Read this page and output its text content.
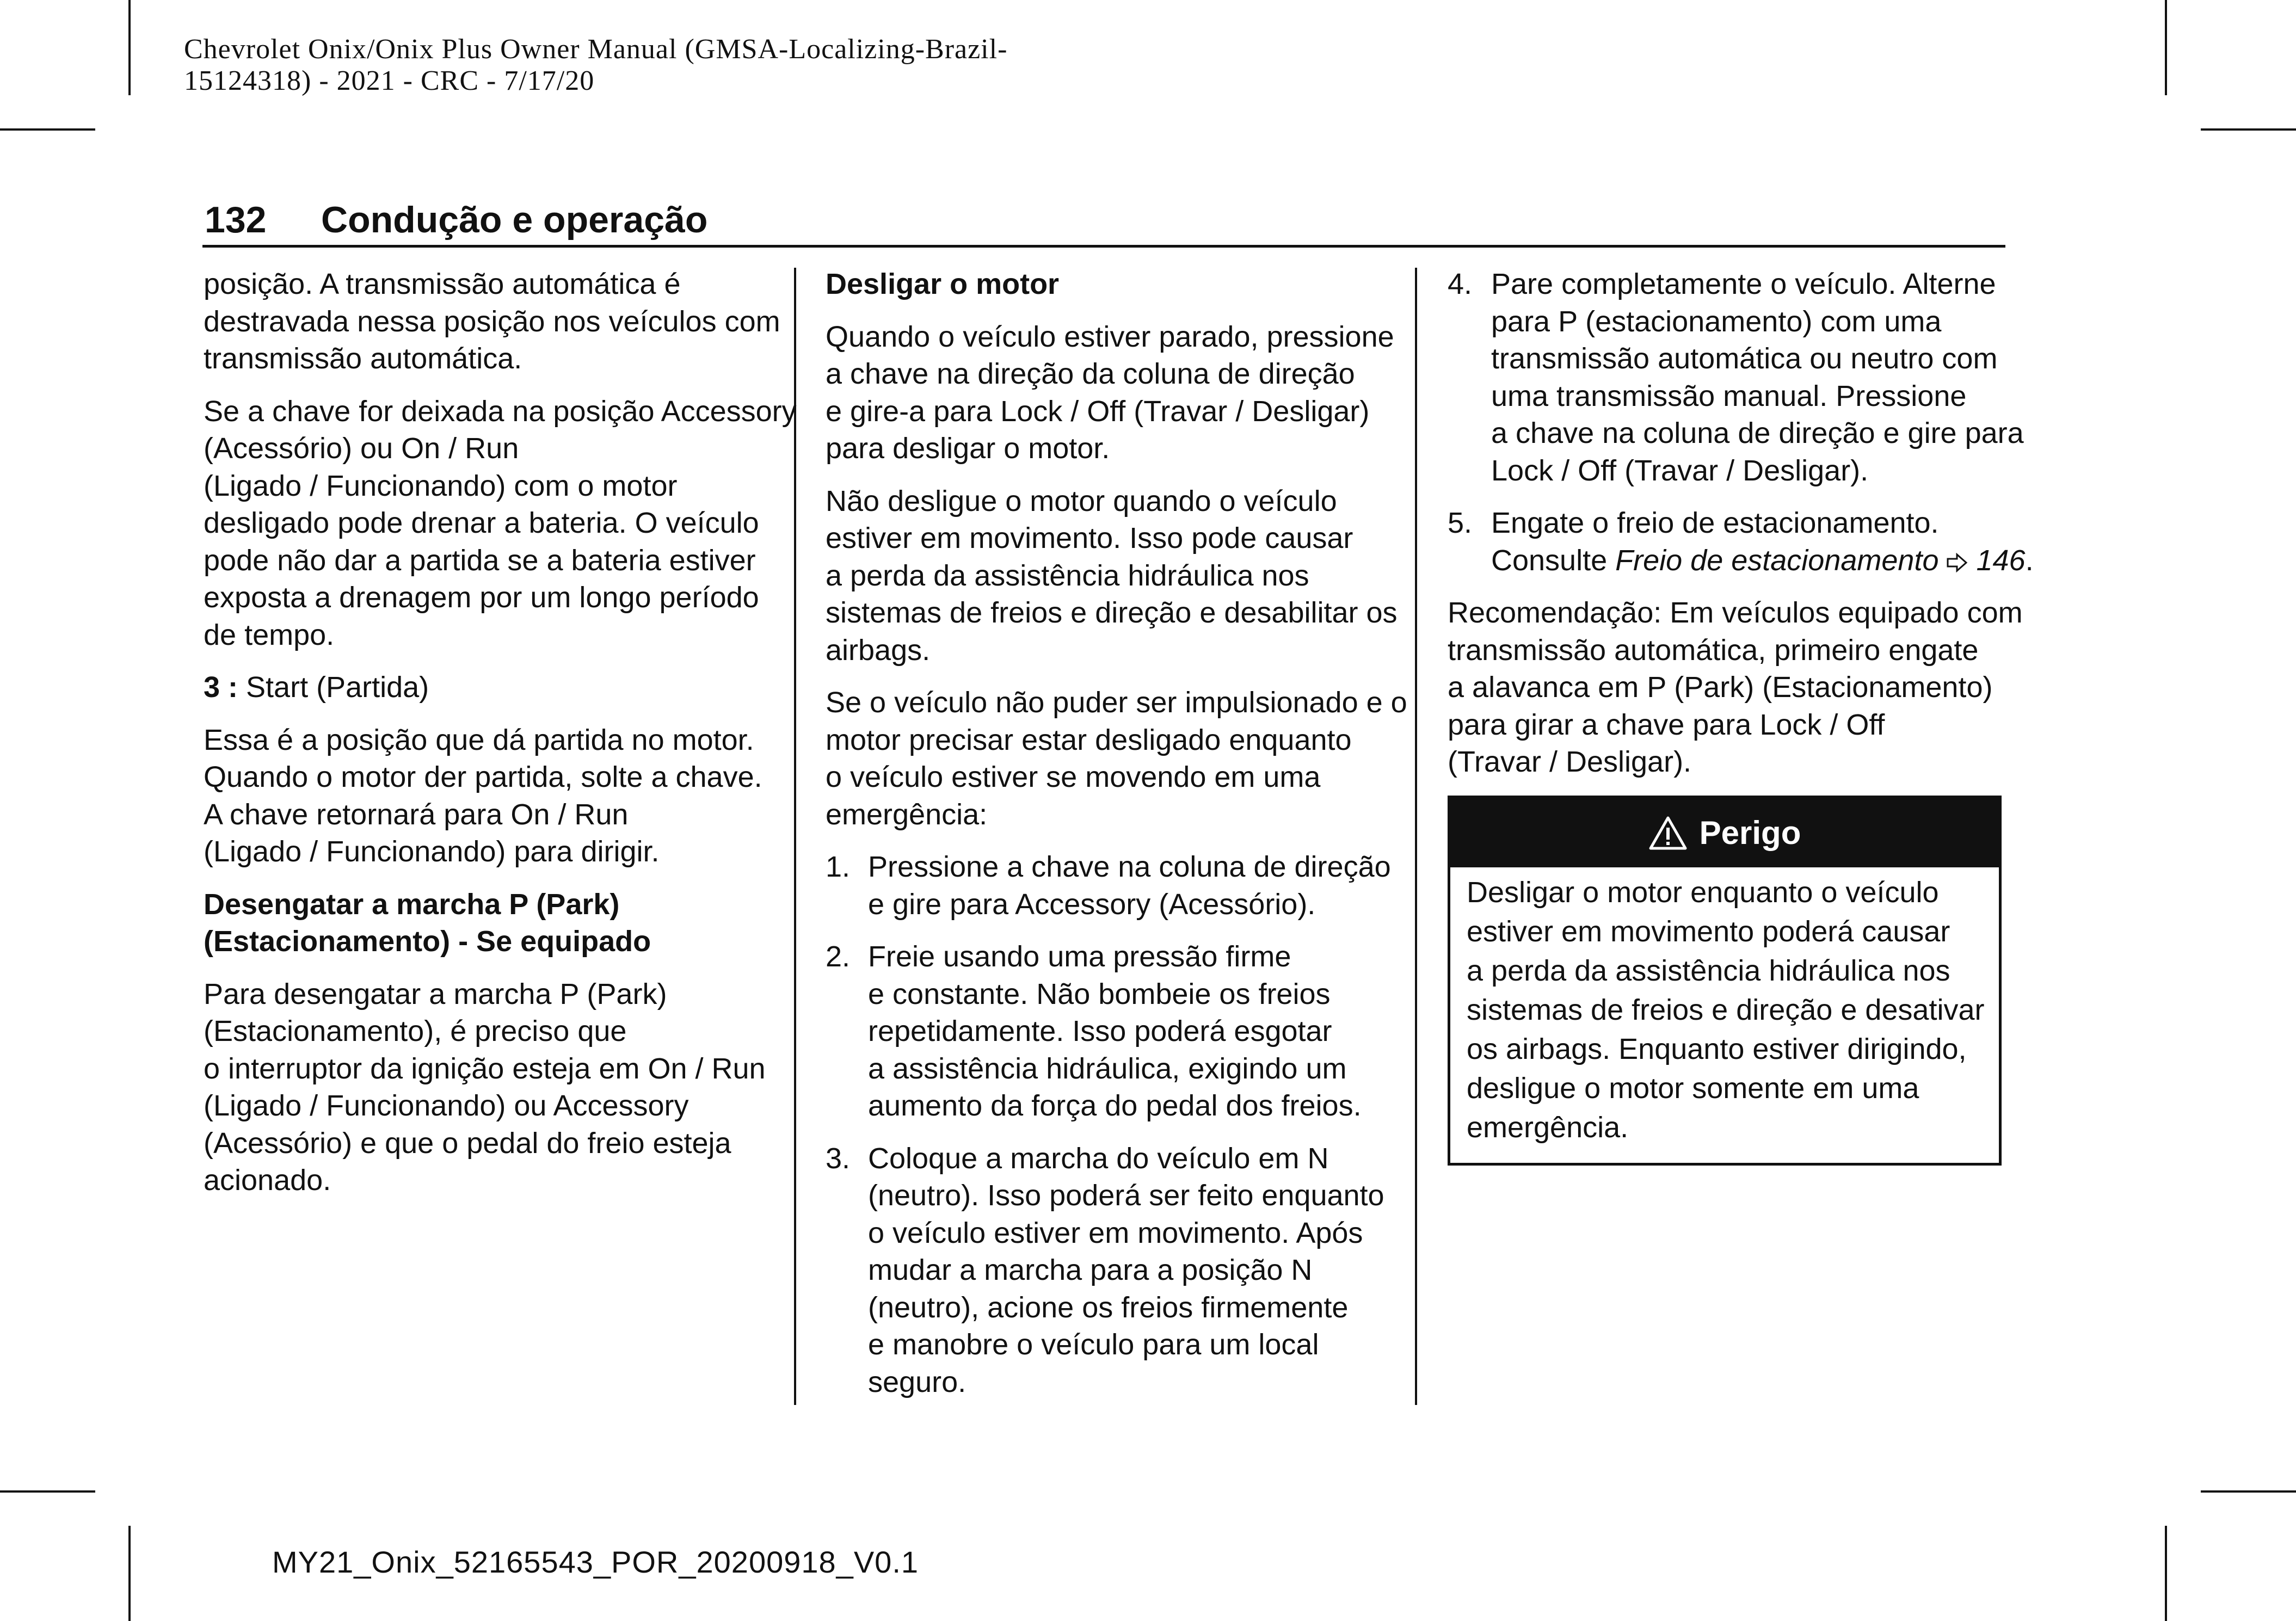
Chevrolet Onix/Onix Plus Owner Manual (GMSA-Localizing-Brazil-
15124318) - 2021 - CRC - 7/17/20
132 Condução e operação

posição. A transmissão automática é
destravada nessa posição nos veículos com
transmissão automática.

Se a chave for deixada na posição Accessory
(Acessório) ou On / Run
(Ligado / Funcionando) com o motor
desligado pode drenar a bateria. O veículo
pode não dar a partida se a bateria estiver
exposta a drenagem por um longo período
de tempo.

3 : Start (Partida)

Essa é a posição que dá partida no motor.
Quando o motor der partida, solte a chave.
A chave retornará para On / Run
(Ligado / Funcionando) para dirigir.

Desengatar a marcha P (Park)
(Estacionamento) - Se equipado

Para desengatar a marcha P (Park)
(Estacionamento), é preciso que
o interruptor da ignição esteja em On / Run
(Ligado / Funcionando) ou Accessory
(Acessório) e que o pedal do freio esteja
acionado.

Desligar o motor

Quando o veículo estiver parado, pressione
a chave na direção da coluna de direção
e gire-a para Lock / Off (Travar / Desligar)
para desligar o motor.

Não desligue o motor quando o veículo
estiver em movimento. Isso pode causar
a perda da assistência hidráulica nos
sistemas de freios e direção e desabilitar os
airbags.

Se o veículo não puder ser impulsionado e o
motor precisar estar desligado enquanto
o veículo estiver se movendo em uma
emergência:

1. Pressione a chave na coluna de direção
e gire para Accessory (Acessório).
2. Freie usando uma pressão firme
e constante. Não bombeie os freios
repetidamente. Isso poderá esgotar
a assistência hidráulica, exigindo um
aumento da força do pedal dos freios.
3. Coloque a marcha do veículo em N
(neutro). Isso poderá ser feito enquanto
o veículo estiver em movimento. Após
mudar a marcha para a posição N
(neutro), acione os freios firmemente
e manobre o veículo para um local
seguro.
4. Pare completamente o veículo. Alterne
para P (estacionamento) com uma
transmissão automática ou neutro com
uma transmissão manual. Pressione
a chave na coluna de direção e gire para
Lock / Off (Travar / Desligar).
5. Engate o freio de estacionamento.
Consulte Freio de estacionamento 146.

Recomendação: Em veículos equipado com
transmissão automática, primeiro engate
a alavanca em P (Park) (Estacionamento)
para girar a chave para Lock / Off
(Travar / Desligar).

Perigo
Desligar o motor enquanto o veículo
estiver em movimento poderá causar
a perda da assistência hidráulica nos
sistemas de freios e direção e desativar
os airbags. Enquanto estiver dirigindo,
desligue o motor somente em uma
emergência.
MY21_Onix_52165543_POR_20200918_V0.1
